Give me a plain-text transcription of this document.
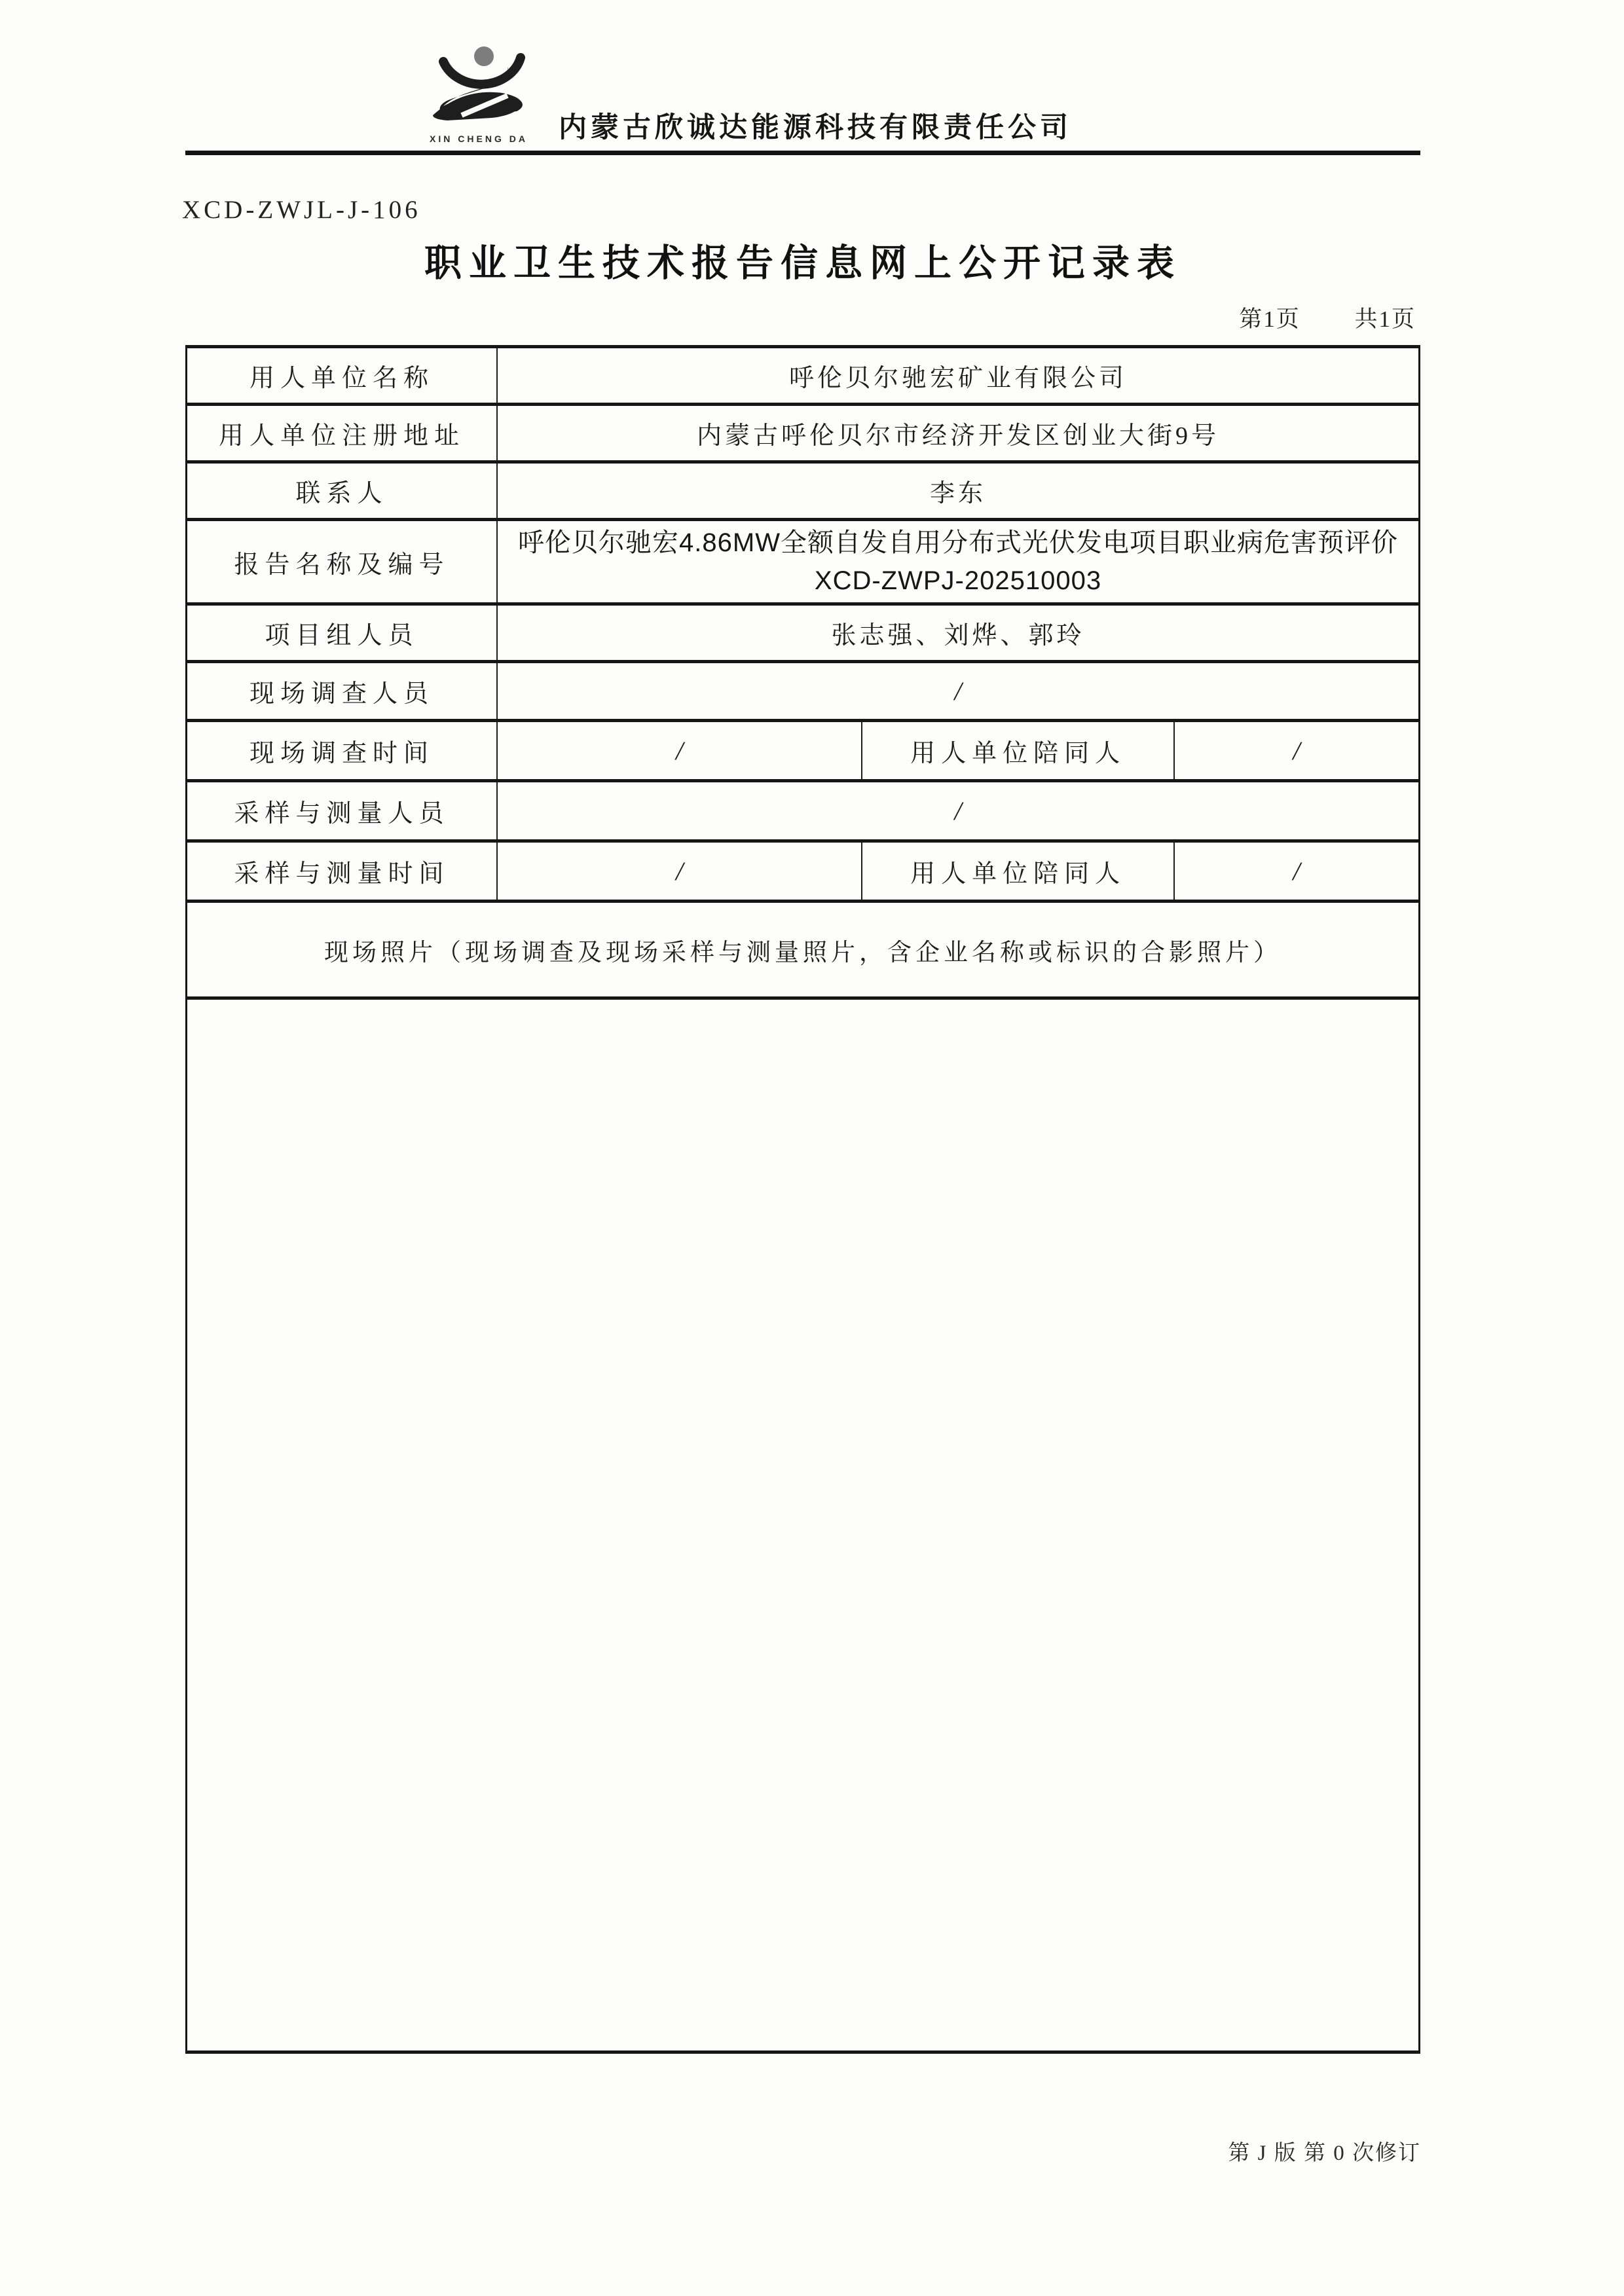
XIN CHENG DA	内蒙古欣诚达能源科技有限责任公司
XCD-ZWJL-J-106
职业卫生技术报告信息网上公开记录表
第1页 共1页
用人单位名称	呼伦贝尔驰宏矿业有限公司		
用人单位注册地址	内蒙古呼伦贝尔市经济开发区创业大街9号		
联系人	李东		
报告名称及编号	呼伦贝尔驰宏4.86MW全额自发自用分布式光伏发电项目职业病危害预评价XCD-ZWPJ-202510003		
项目组人员	张志强、刘烨、郭玲		
现场调查人员	/		
现场调查时间	/	用人单位陪同人	/
采样与测量人员	/		
采样与测量时间	/	用人单位陪同人	/
现场照片（现场调查及现场采样与测量照片，含企业名称或标识的合影照片）			

第 J 版 第 0 次修订
